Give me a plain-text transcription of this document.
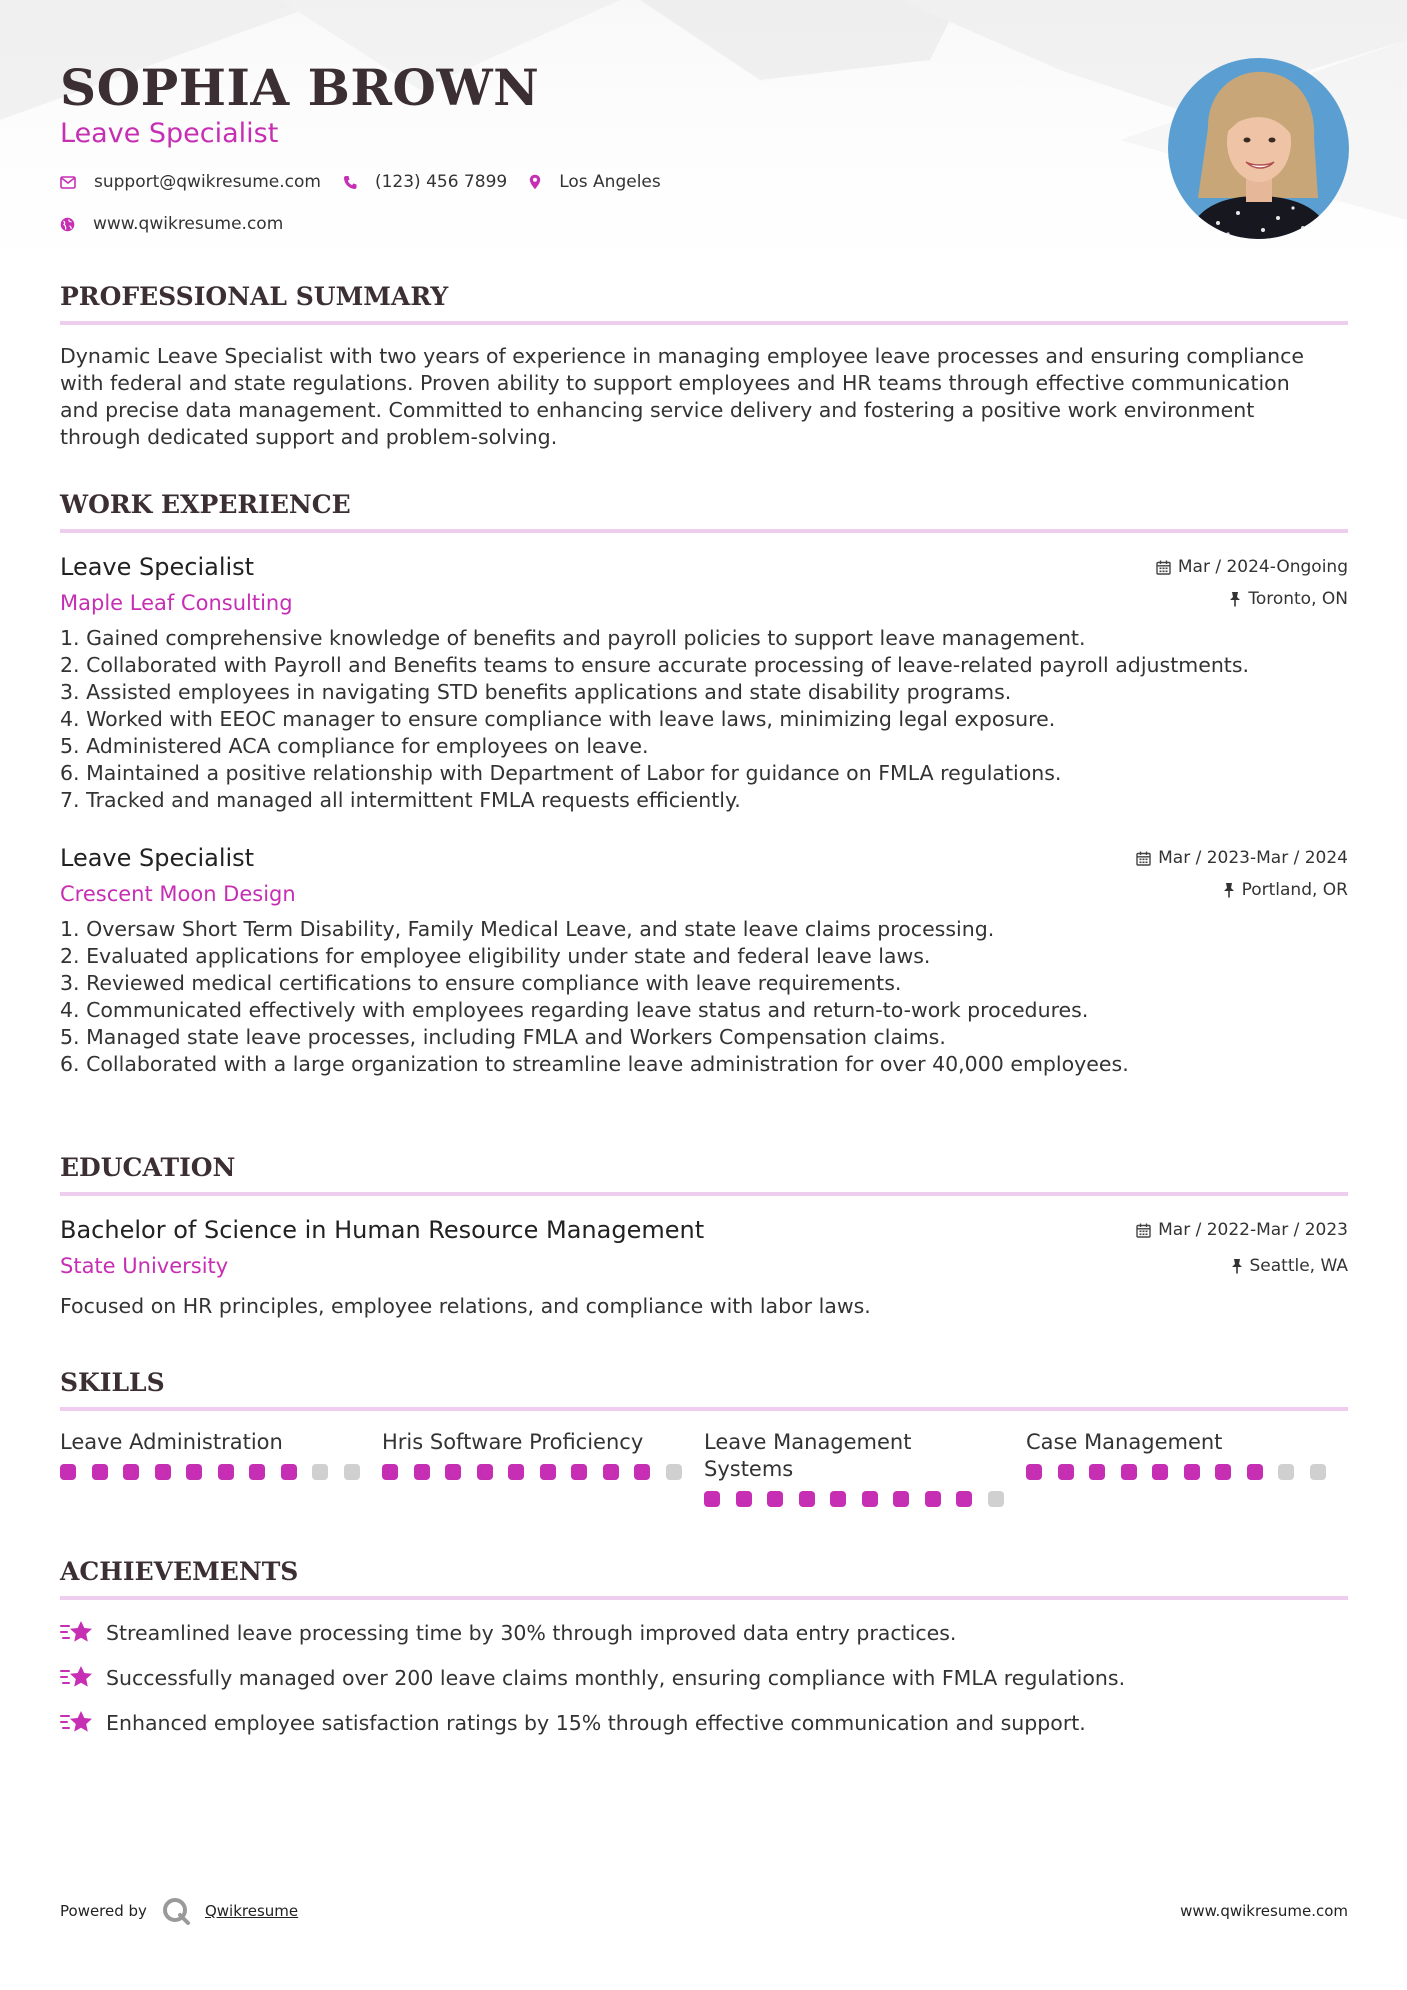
SOPHIA BROWN
Leave Specialist
support@qwikresume.com	(123) 456 7899	Los Angeles
www.qwikresume.com
PROFESSIONAL SUMMARY
Dynamic Leave Specialist with two years of experience in managing employee leave processes and ensuring compliance
with federal and state regulations. Proven ability to support employees and HR teams through effective communication
and precise data management. Committed to enhancing service delivery and fostering a positive work environment
through dedicated support and problem-solving.
WORK EXPERIENCE
Leave Specialist
Maple Leaf Consulting
Mar / 2024-Ongoing
Toronto, ON
1. Gained comprehensive knowledge of benefits and payroll policies to support leave management.
2. Collaborated with Payroll and Benefits teams to ensure accurate processing of leave-related payroll adjustments.
3. Assisted employees in navigating STD benefits applications and state disability programs.
4. Worked with EEOC manager to ensure compliance with leave laws, minimizing legal exposure.
5. Administered ACA compliance for employees on leave.
6. Maintained a positive relationship with Department of Labor for guidance on FMLA regulations.
7. Tracked and managed all intermittent FMLA requests efficiently.
Leave Specialist
Crescent Moon Design
Mar / 2023-Mar / 2024
Portland, OR
1. Oversaw Short Term Disability, Family Medical Leave, and state leave claims processing.
2. Evaluated applications for employee eligibility under state and federal leave laws.
3. Reviewed medical certifications to ensure compliance with leave requirements.
4. Communicated effectively with employees regarding leave status and return-to-work procedures.
5. Managed state leave processes, including FMLA and Workers Compensation claims.
6. Collaborated with a large organization to streamline leave administration for over 40,000 employees.
EDUCATION
Bachelor of Science in Human Resource Management
State University
Mar / 2022-Mar / 2023
Seattle, WA
Focused on HR principles, employee relations, and compliance with labor laws.
SKILLS
Leave Administration	Hris Software Proficiency	Leave Management Systems
Case Management
ACHIEVEMENTS
Streamlined leave processing time by 30% through improved data entry practices.
Successfully managed over 200 leave claims monthly, ensuring compliance with FMLA regulations.
Enhanced employee satisfaction ratings by 15% through effective communication and support.
Powered by	Qwikresume	www.qwikresume.com
